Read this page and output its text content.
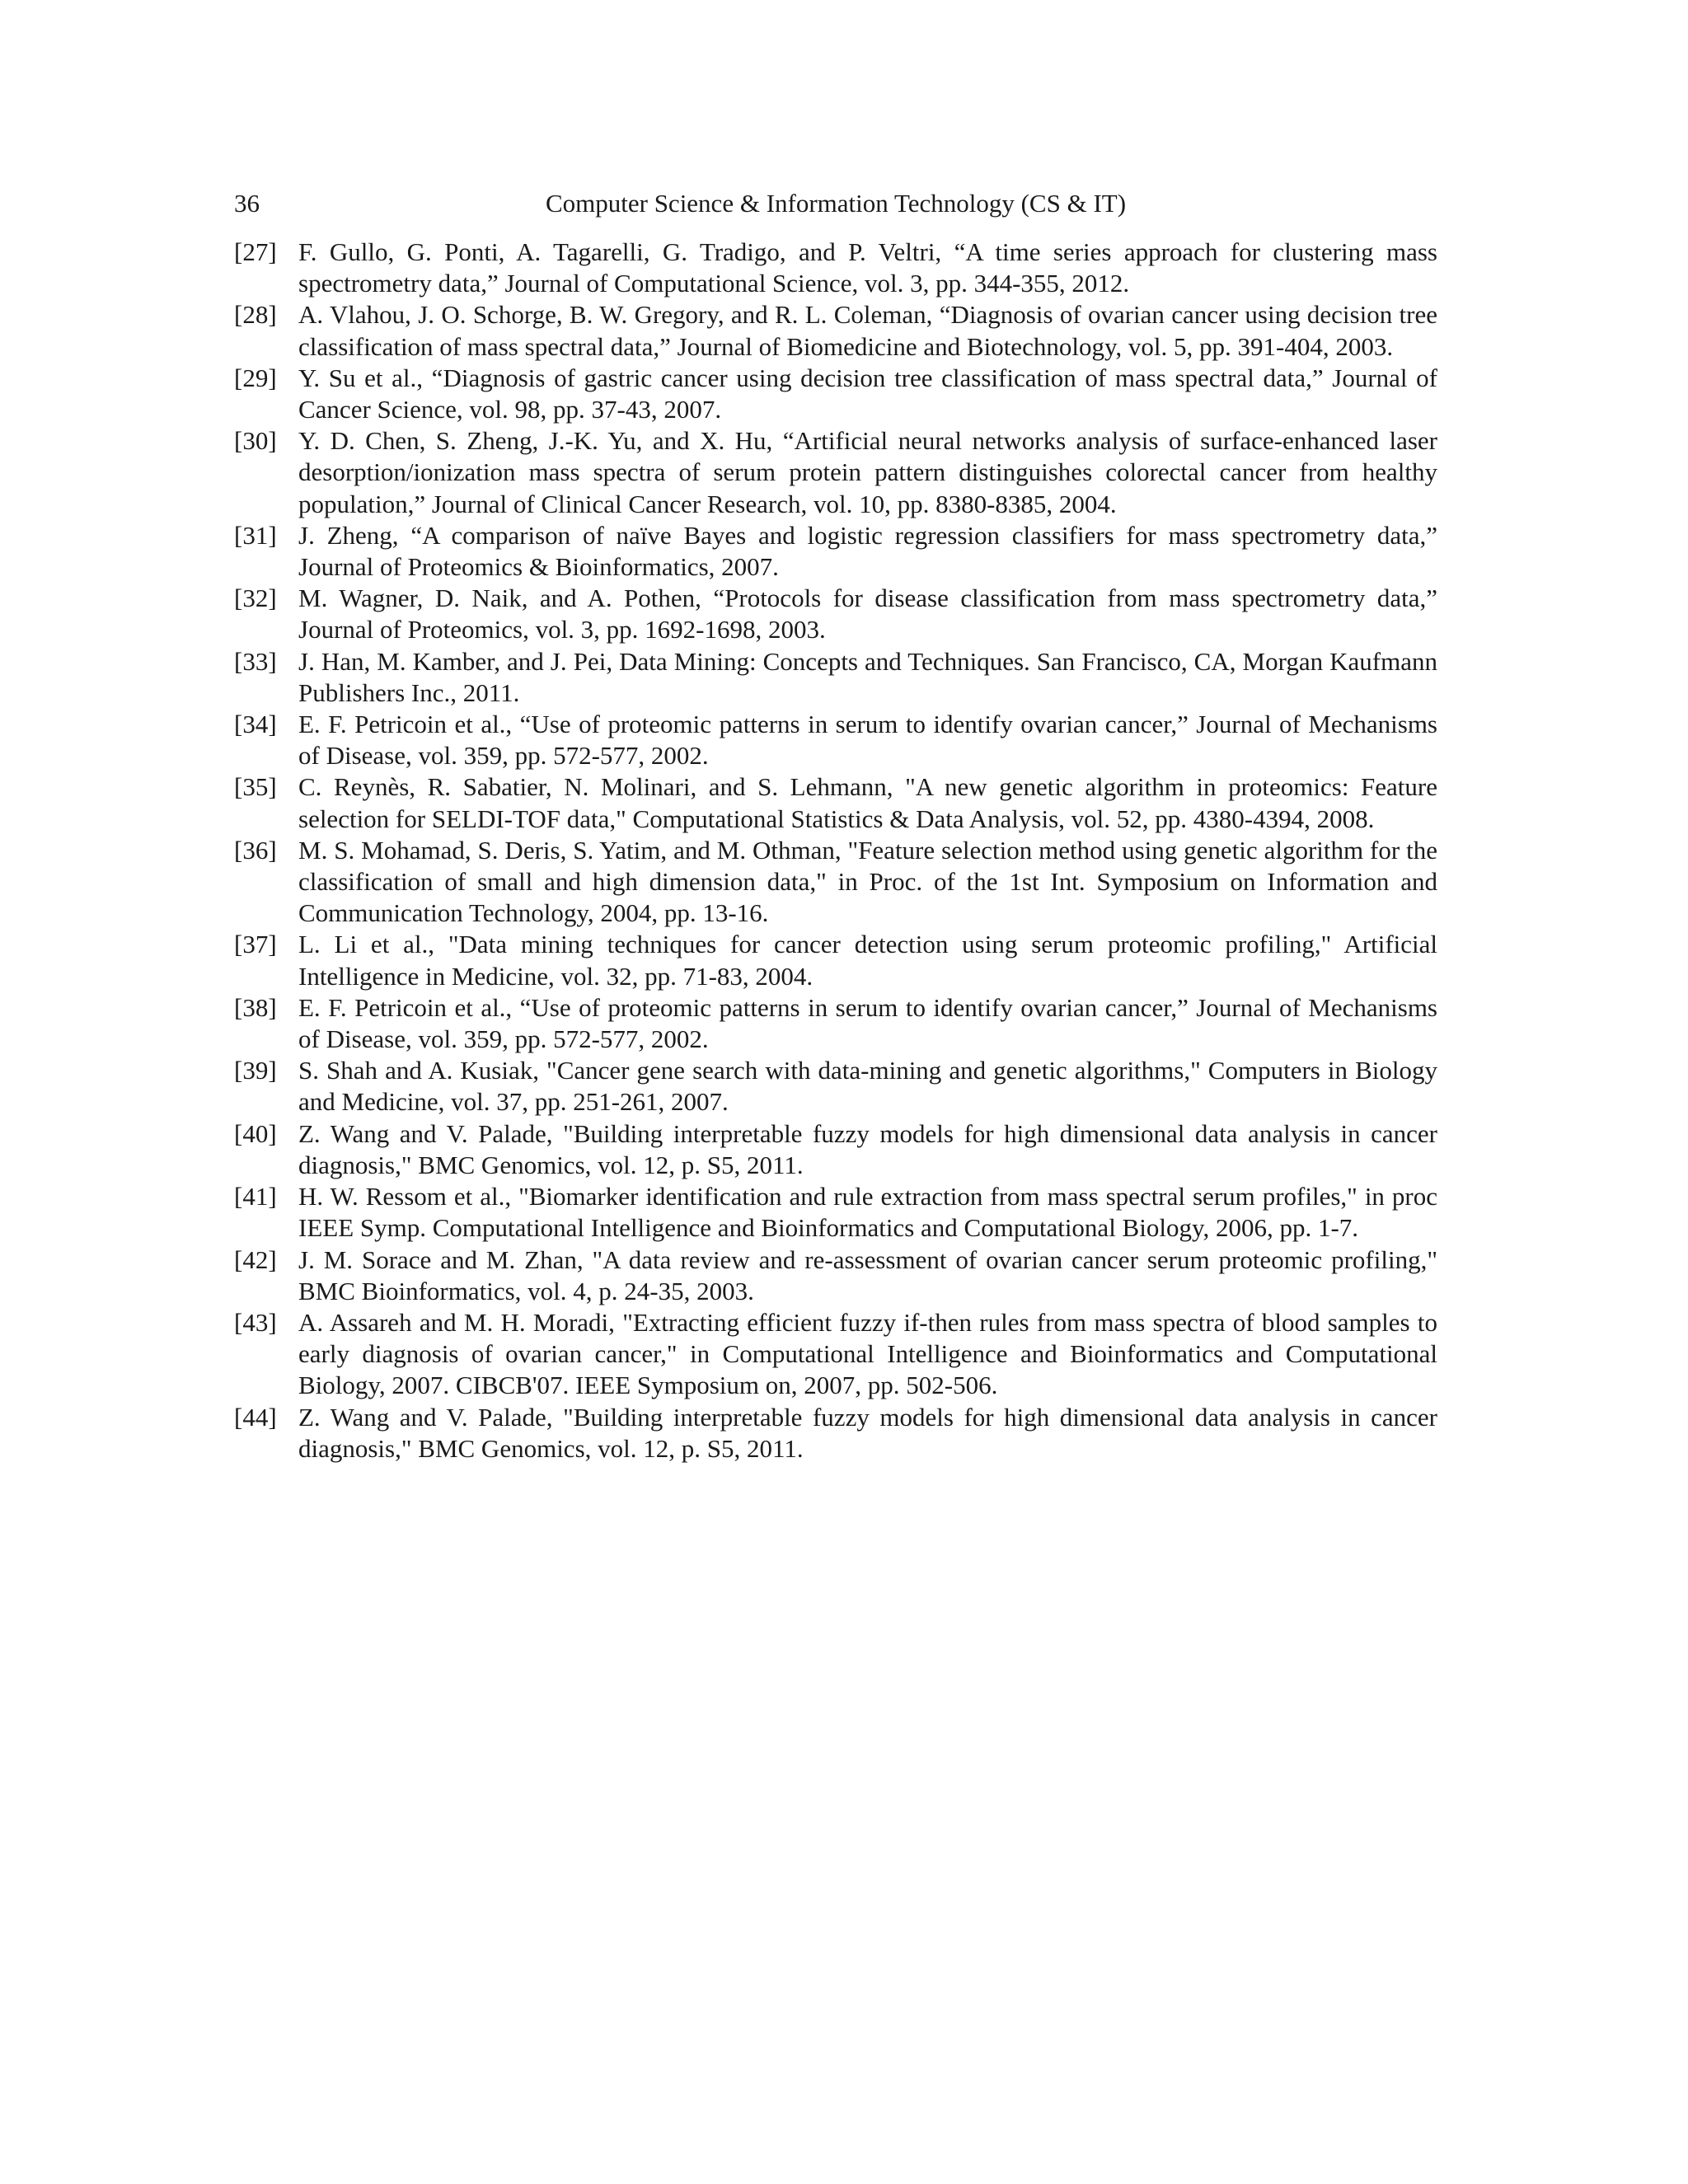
36	Computer Science & Information Technology (CS & IT)
[27] F. Gullo, G. Ponti, A. Tagarelli, G. Tradigo, and P. Veltri, “A time series approach for clustering mass spectrometry data,” Journal of Computational Science, vol. 3, pp. 344-355, 2012.
[28] A. Vlahou, J. O. Schorge, B. W. Gregory, and R. L. Coleman, “Diagnosis of ovarian cancer using decision tree classification of mass spectral data,” Journal of Biomedicine and Biotechnology, vol. 5, pp. 391-404, 2003.
[29] Y. Su et al., “Diagnosis of gastric cancer using decision tree classification of mass spectral data,” Journal of Cancer Science, vol. 98, pp. 37-43, 2007.
[30] Y. D. Chen, S. Zheng, J.-K. Yu, and X. Hu, “Artificial neural networks analysis of surface-enhanced laser desorption/ionization mass spectra of serum protein pattern distinguishes colorectal cancer from healthy population,” Journal of Clinical Cancer Research, vol. 10, pp. 8380-8385, 2004.
[31] J. Zheng, “A comparison of naïve Bayes and logistic regression classifiers for mass spectrometry data,” Journal of Proteomics & Bioinformatics, 2007.
[32] M. Wagner, D. Naik, and A. Pothen, “Protocols for disease classification from mass spectrometry data,” Journal of Proteomics, vol. 3, pp. 1692-1698, 2003.
[33] J. Han, M. Kamber, and J. Pei, Data Mining: Concepts and Techniques. San Francisco, CA, Morgan Kaufmann Publishers Inc., 2011.
[34] E. F. Petricoin et al., “Use of proteomic patterns in serum to identify ovarian cancer,” Journal of Mechanisms of Disease, vol. 359, pp. 572-577, 2002.
[35] C. Reynès, R. Sabatier, N. Molinari, and S. Lehmann, "A new genetic algorithm in proteomics: Feature selection for SELDI-TOF data," Computational Statistics & Data Analysis, vol. 52, pp. 4380-4394, 2008.
[36] M. S. Mohamad, S. Deris, S. Yatim, and M. Othman, "Feature selection method using genetic algorithm for the classification of small and high dimension data," in Proc. of the 1st Int. Symposium on Information and Communication Technology, 2004, pp. 13-16.
[37] L. Li et al., "Data mining techniques for cancer detection using serum proteomic profiling," Artificial Intelligence in Medicine, vol. 32, pp. 71-83, 2004.
[38] E. F. Petricoin et al., “Use of proteomic patterns in serum to identify ovarian cancer,” Journal of Mechanisms of Disease, vol. 359, pp. 572-577, 2002.
[39] S. Shah and A. Kusiak, "Cancer gene search with data-mining and genetic algorithms," Computers in Biology and Medicine, vol. 37, pp. 251-261, 2007.
[40] Z. Wang and V. Palade, "Building interpretable fuzzy models for high dimensional data analysis in cancer diagnosis," BMC Genomics, vol. 12, p. S5, 2011.
[41] H. W. Ressom et al., "Biomarker identification and rule extraction from mass spectral serum profiles," in proc IEEE Symp. Computational Intelligence and Bioinformatics and Computational Biology, 2006, pp. 1-7.
[42] J. M. Sorace and M. Zhan, "A data review and re-assessment of ovarian cancer serum proteomic profiling," BMC Bioinformatics, vol. 4, p. 24-35, 2003.
[43] A. Assareh and M. H. Moradi, "Extracting efficient fuzzy if-then rules from mass spectra of blood samples to early diagnosis of ovarian cancer," in Computational Intelligence and Bioinformatics and Computational Biology, 2007. CIBCB'07. IEEE Symposium on, 2007, pp. 502-506.
[44] Z. Wang and V. Palade, "Building interpretable fuzzy models for high dimensional data analysis in cancer diagnosis," BMC Genomics, vol. 12, p. S5, 2011.
